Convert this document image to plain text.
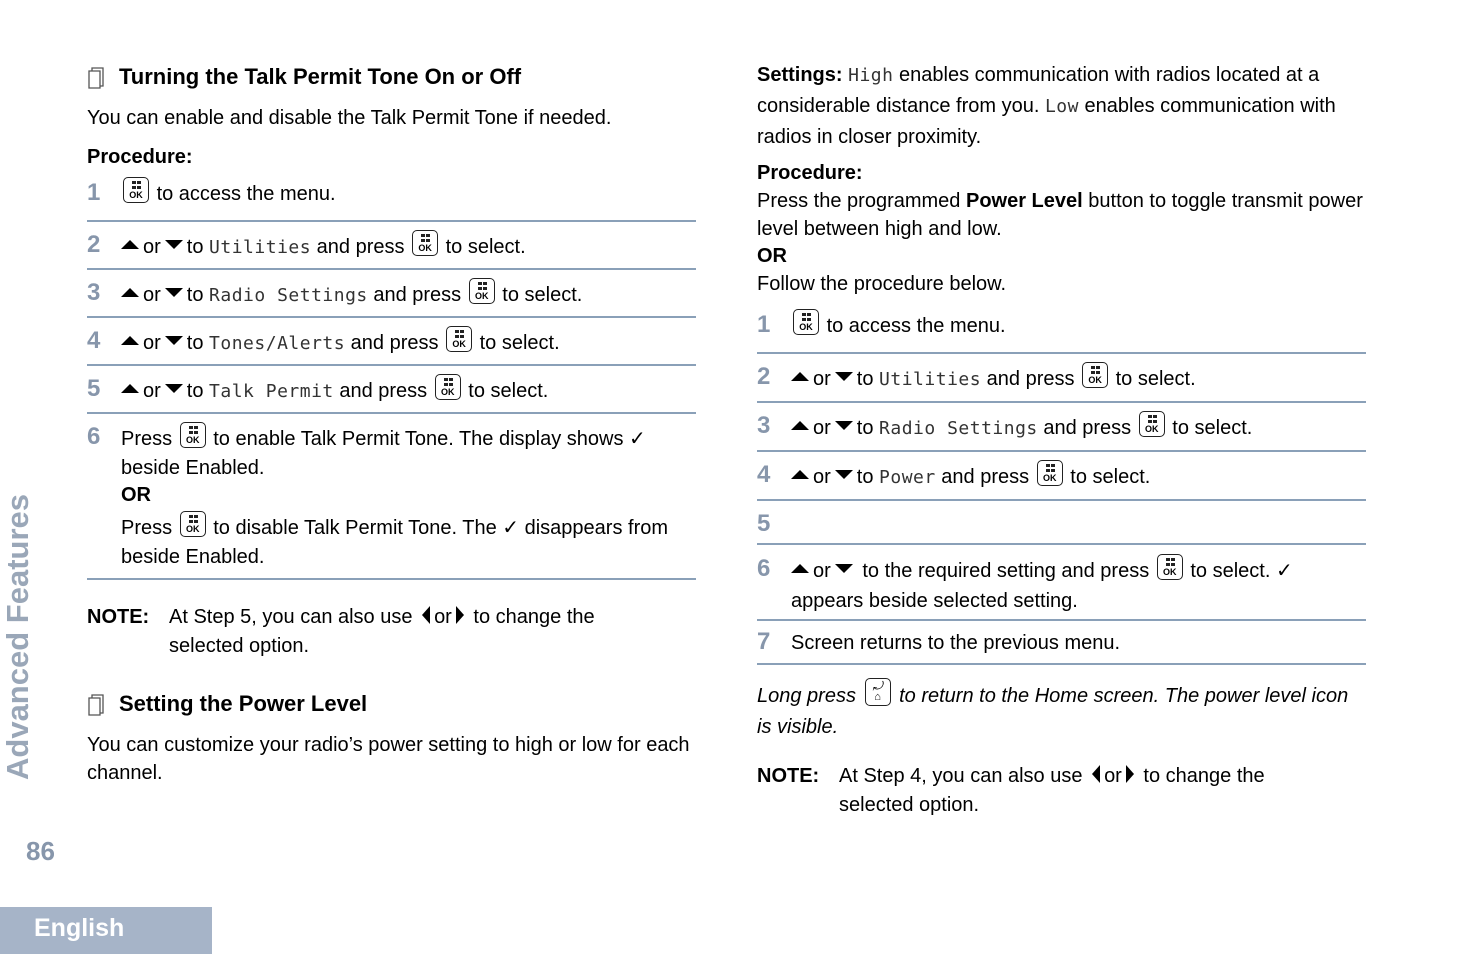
Advanced Features
86
English
Turning the Talk Permit Tone On or Off
You can enable and disable the Talk Permit Tone if needed.
Procedure:
1	OK to access the menu.
2	or to Utilities and press	OK to select.
3	or to Radio Settings and press	OK to select.
4	or to Tones/Alerts and press	OK to select.
5	or to Talk Permit and press	OK to select.
6 Press	OK to enable Talk Permit Tone. The display shows ✓ beside Enabled.
OR
Press	OK to disable Talk Permit Tone. The ✓ disappears from beside Enabled.
NOTE: At Step 5, you can also use or to change the selected option.
Setting the Power Level
You can customize your radio’s power setting to high or low for each channel.
Settings: High enables communication with radios located at a considerable distance from you. Low enables communication with radios in closer proximity.
Procedure:
Press the programmed Power Level button to toggle transmit power level between high and low.
OR
Follow the procedure below.
1	OK to access the menu.
2	or to Utilities and press	OK to select.
3	or to Radio Settings and press	OK to select.
4	or to Power and press	OK to select.
5
6	or to the required setting and press	OK to select. ✓ appears beside selected setting.
7 Screen returns to the previous menu.
Long press	⤾
⌂ to return to the Home screen. The power level icon is visible.
NOTE: At Step 4, you can also use or to change the selected option.
